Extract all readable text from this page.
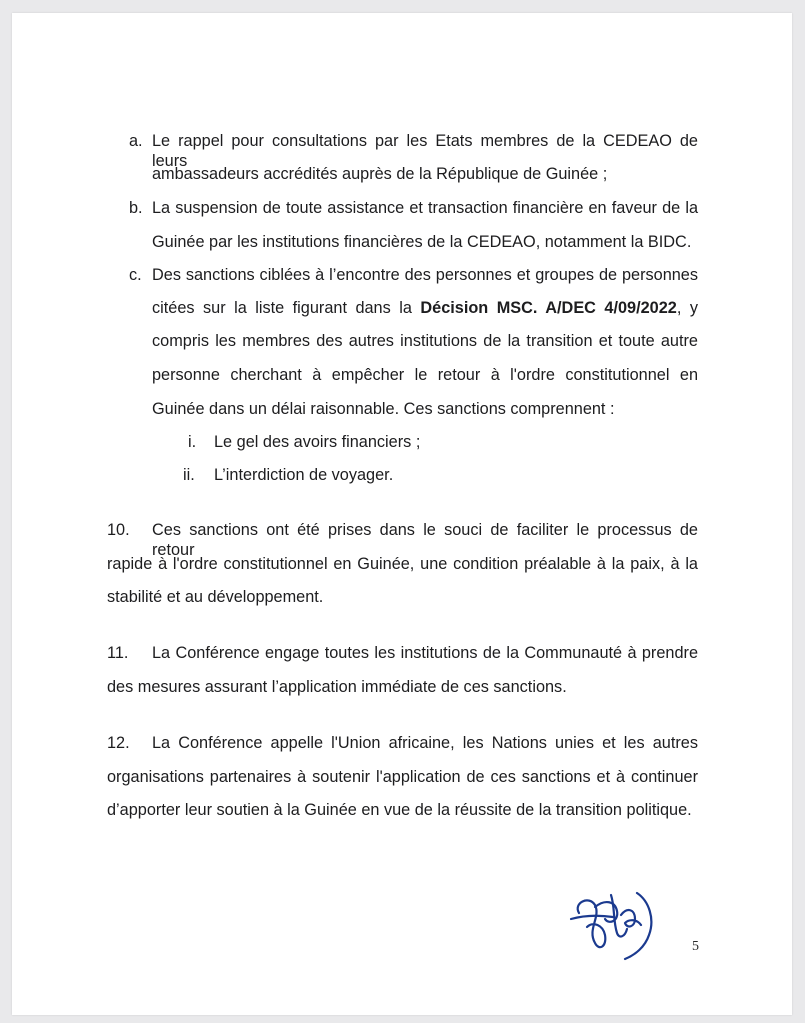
a. Le rappel pour consultations par les Etats membres de la CEDEAO de leurs
ambassadeurs accrédités auprès de la République de Guinée ;
b. La suspension de toute assistance et transaction financière en faveur de la
Guinée par les institutions financières de la CEDEAO, notamment la BIDC.
c. Des sanctions ciblées à l’encontre des personnes et groupes de personnes
citées sur la liste figurant dans la Décision MSC. A/DEC 4/09/2022, y
compris les membres des autres institutions de la transition et toute autre
personne cherchant à empêcher le retour à l'ordre constitutionnel en
Guinée dans un délai raisonnable. Ces sanctions comprennent :
i. Le gel des avoirs financiers ;
ii. L’interdiction de voyager.
10. Ces sanctions ont été prises dans le souci de faciliter le processus de retour
rapide à l'ordre constitutionnel en Guinée, une condition préalable à la paix, à la
stabilité et au développement.
11. La Conférence engage toutes les institutions de la Communauté à prendre
des mesures assurant l’application immédiate de ces sanctions.
12. La Conférence appelle l'Union africaine, les Nations unies et les autres
organisations partenaires à soutenir l'application de ces sanctions et à continuer
d’apporter leur soutien à la Guinée en vue de la réussite de la transition politique.
5
